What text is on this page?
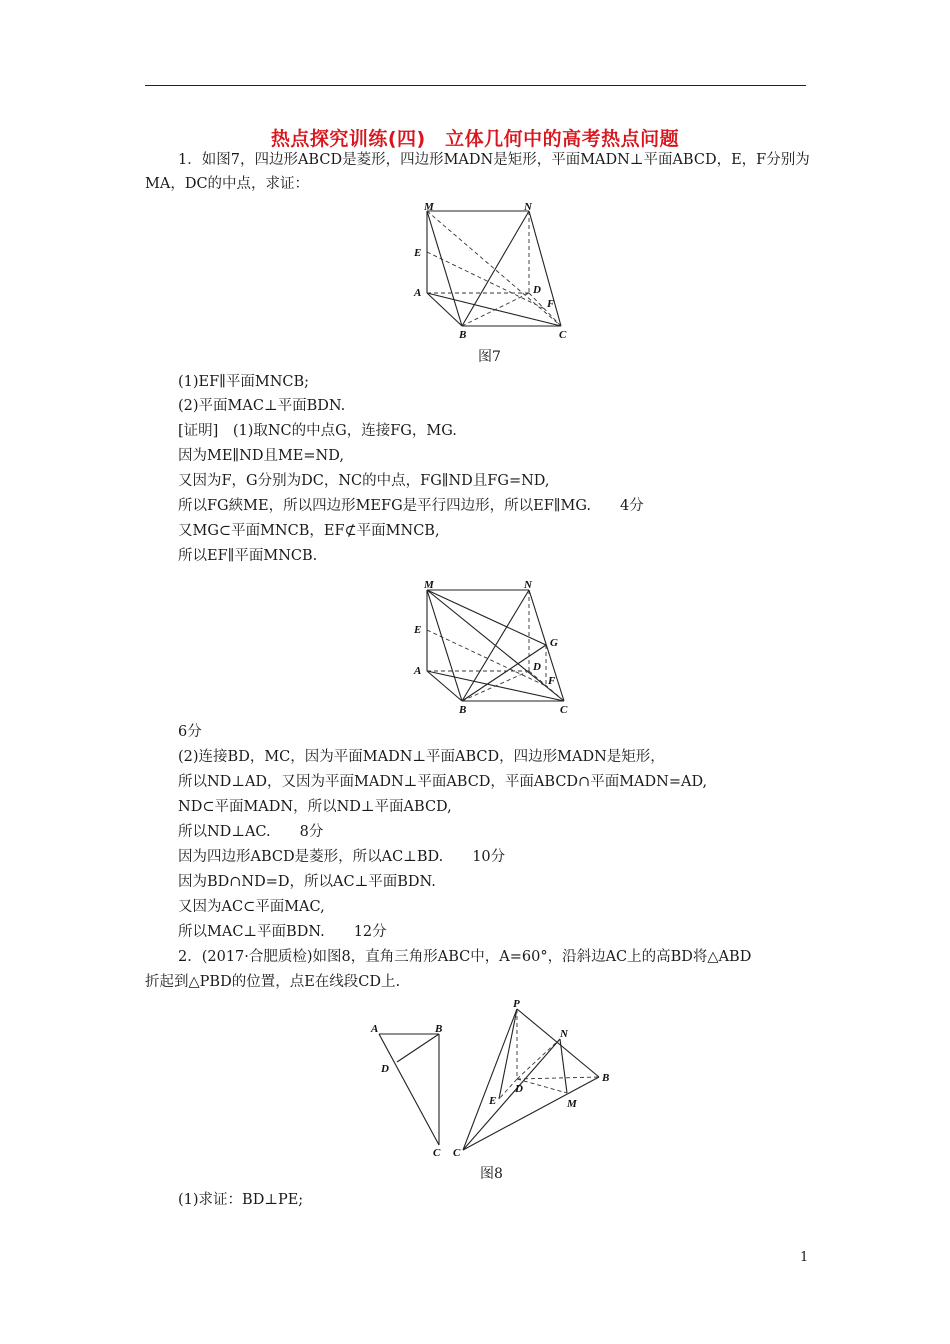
热点探究训练(四)　立体几何中的高考热点问题
1．如图7，四边形ABCD是菱形，四边形MADN是矩形，平面MADN⊥平面ABCD，E，F分别为
MA，DC的中点，求证：
M	N
E
A	D
F
B	C
图7
(1)EF∥平面MNCB;
(2)平面MAC⊥平面BDN.
[证明]　(1)取NC的中点G，连接FG，MG.
因为ME∥ND且ME=ND,
又因为F，G分别为DC，NC的中点，FG∥ND且FG=ND,
所以FG綊ME，所以四边形MEFG是平行四边形，所以EF∥MG.　　4分
又MG⊂平面MNCB，EF⊄平面MNCB,
所以EF∥平面MNCB.
M	N
E
G
A	D
F
B	C
6分
(2)连接BD，MC，因为平面MADN⊥平面ABCD，四边形MADN是矩形，
所以ND⊥AD，又因为平面MADN⊥平面ABCD，平面ABCD∩平面MADN=AD,
ND⊂平面MADN，所以ND⊥平面ABCD,
所以ND⊥AC.　　8分
因为四边形ABCD是菱形，所以AC⊥BD.　　10分
因为BD∩ND=D，所以AC⊥平面BDN.
又因为AC⊂平面MAC,
所以MAC⊥平面BDN.　　12分
2．(2017·合肥质检)如图8，直角三角形ABC中，A=60°，沿斜边AC上的高BD将△ABD
折起到△PBD的位置，点E在线段CD上.
A	B
D
C
P
N
D
B
E	M
C
图8
(1)求证：BD⊥PE;
1
